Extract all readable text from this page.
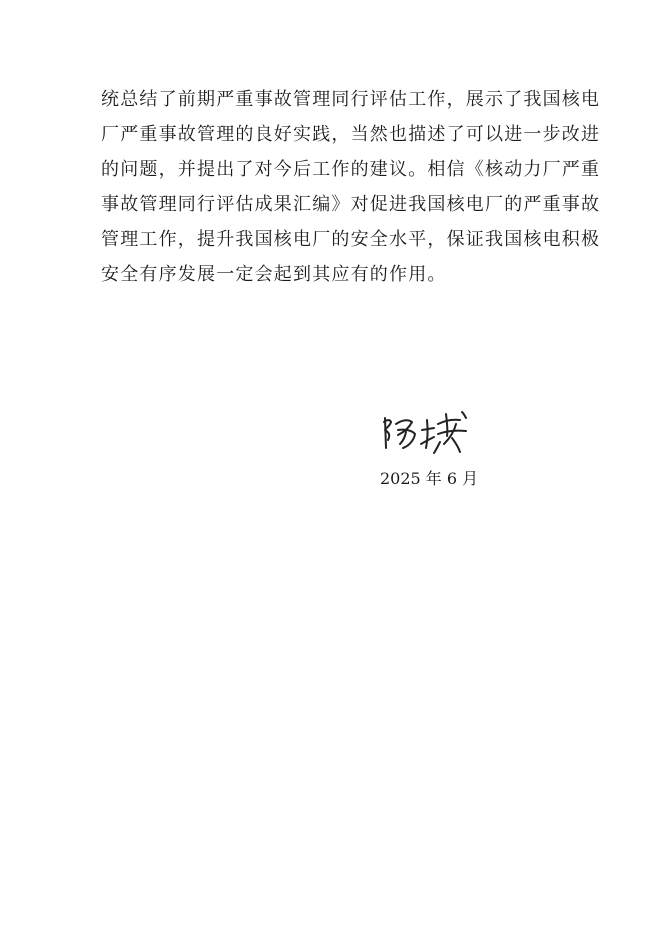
统总结了前期严重事故管理同行评估工作，展示了我国核电
厂严重事故管理的良好实践，当然也描述了可以进一步改进
的问题，并提出了对今后工作的建议。相信《核动力厂严重
事故管理同行评估成果汇编》对促进我国核电厂的严重事故
管理工作，提升我国核电厂的安全水平，保证我国核电积极
安全有序发展一定会起到其应有的作用。
2025 年 6 月
